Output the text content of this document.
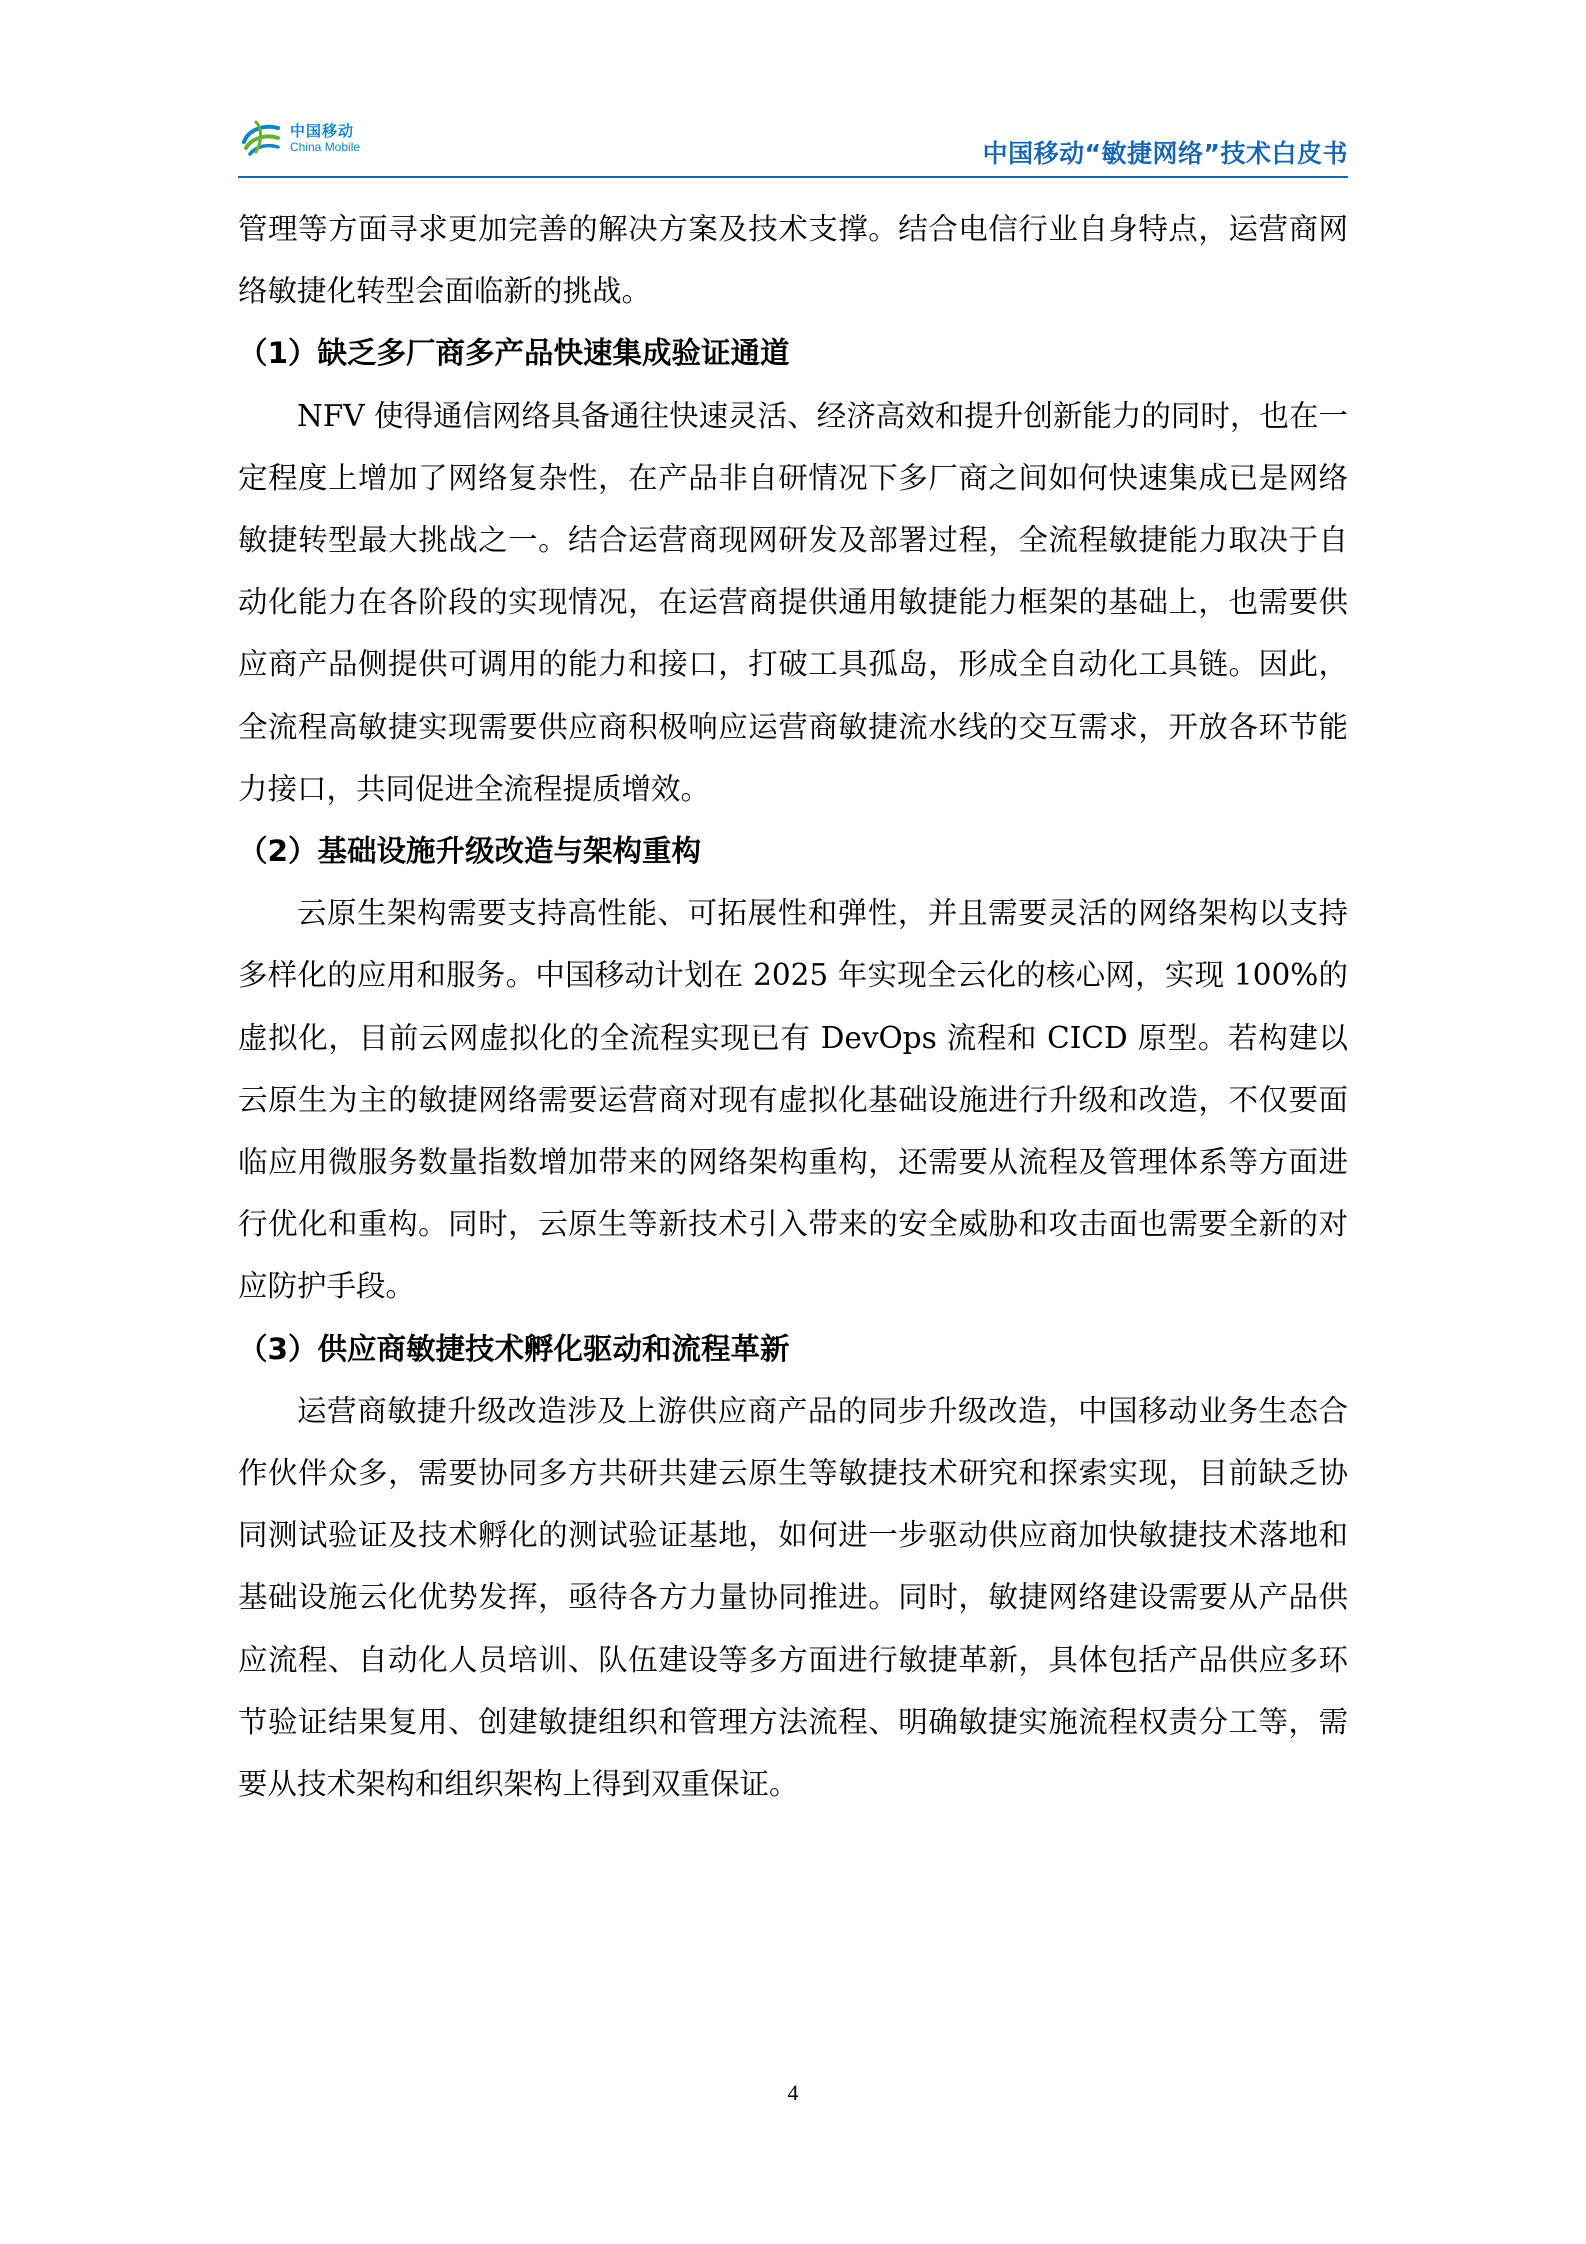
中国移动
China Mobile	中国移动“敏捷网络”技术白皮书

管理等方面寻求更加完善的解决方案及技术支撑。结合电信行业自身特点，运营商网络敏捷化转型会面临新的挑战。

（1）缺乏多厂商多产品快速集成验证通道

NFV 使得通信网络具备通往快速灵活、经济高效和提升创新能力的同时，也在一定程度上增加了网络复杂性，在产品非自研情况下多厂商之间如何快速集成已是网络敏捷转型最大挑战之一。结合运营商现网研发及部署过程，全流程敏捷能力取决于自动化能力在各阶段的实现情况，在运营商提供通用敏捷能力框架的基础上，也需要供应商产品侧提供可调用的能力和接口，打破工具孤岛，形成全自动化工具链。因此，全流程高敏捷实现需要供应商积极响应运营商敏捷流水线的交互需求，开放各环节能力接口，共同促进全流程提质增效。

（2）基础设施升级改造与架构重构

云原生架构需要支持高性能、可拓展性和弹性，并且需要灵活的网络架构以支持多样化的应用和服务。中国移动计划在 2025 年实现全云化的核心网，实现 100%的虚拟化，目前云网虚拟化的全流程实现已有 DevOps 流程和 CICD 原型。若构建以云原生为主的敏捷网络需要运营商对现有虚拟化基础设施进行升级和改造，不仅要面临应用微服务数量指数增加带来的网络架构重构，还需要从流程及管理体系等方面进行优化和重构。同时，云原生等新技术引入带来的安全威胁和攻击面也需要全新的对应防护手段。

（3）供应商敏捷技术孵化驱动和流程革新

运营商敏捷升级改造涉及上游供应商产品的同步升级改造，中国移动业务生态合作伙伴众多，需要协同多方共研共建云原生等敏捷技术研究和探索实现，目前缺乏协同测试验证及技术孵化的测试验证基地，如何进一步驱动供应商加快敏捷技术落地和基础设施云化优势发挥，亟待各方力量协同推进。同时，敏捷网络建设需要从产品供应流程、自动化人员培训、队伍建设等多方面进行敏捷革新，具体包括产品供应多环节验证结果复用、创建敏捷组织和管理方法流程、明确敏捷实施流程权责分工等，需要从技术架构和组织架构上得到双重保证。

4
